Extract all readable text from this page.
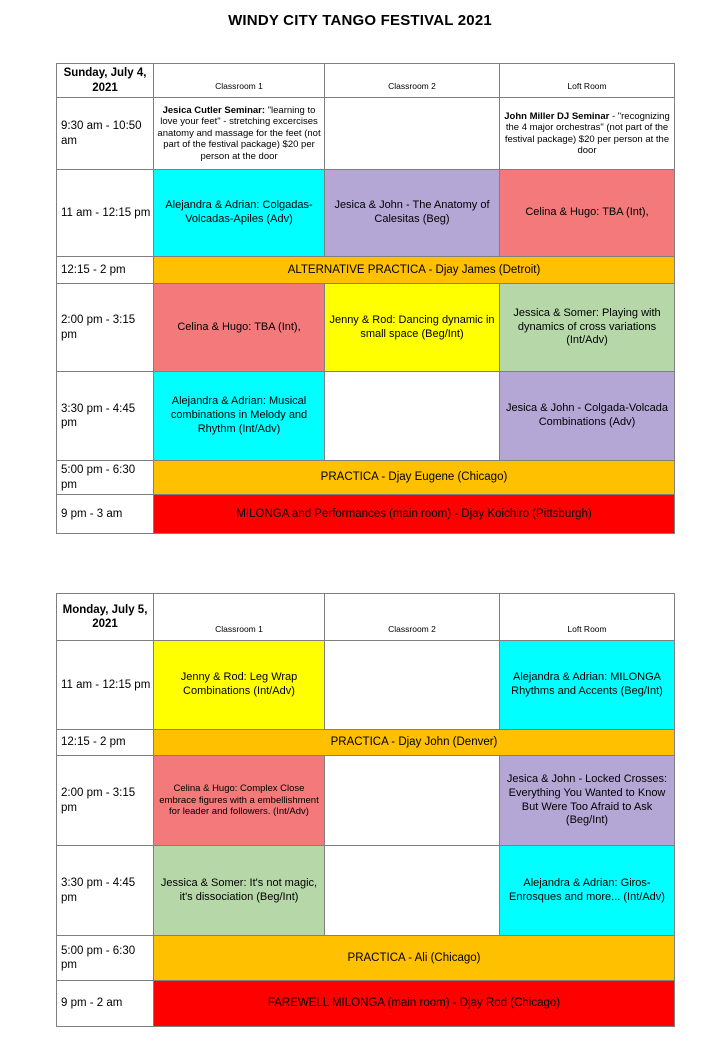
WINDY CITY TANGO FESTIVAL 2021
Sunday, July 4, 2021	Classroom 1	Classroom 2	Loft Room
9:30 am - 10:50 am	Jesica Cutler Seminar: "learning to love your feet" - stretching excercises anatomy and massage for the feet (not part of the festival package) $20 per person at the door		John Miller DJ Seminar - "recognizing the 4 major orchestras" (not part of the festival package) $20 per person at the door
11 am - 12:15 pm	Alejandra & Adrian: Colgadas-Volcadas-Apiles (Adv)	Jesica & John - The Anatomy of Calesitas (Beg)	Celina & Hugo: TBA (Int),
12:15 - 2 pm	ALTERNATIVE PRACTICA - Djay James (Detroit)		
2:00 pm - 3:15 pm	Celina & Hugo: TBA (Int),	Jenny & Rod: Dancing dynamic in small space (Beg/Int)	Jessica & Somer: Playing with dynamics of cross variations (Int/Adv)
3:30 pm - 4:45 pm	Alejandra & Adrian: Musical combinations in Melody and Rhythm (Int/Adv)		Jesica & John - Colgada-Volcada Combinations (Adv)
5:00 pm - 6:30 pm	PRACTICA - Djay Eugene (Chicago)		
9 pm - 3 am	MILONGA and Performances (main room) - Djay Koichiro (Pittsburgh)		
Monday, July 5, 2021	Classroom 1	Classroom 2	Loft Room
11 am - 12:15 pm	Jenny & Rod: Leg Wrap Combinations (Int/Adv)		Alejandra & Adrian: MILONGA Rhythms and Accents (Beg/Int)
12:15 - 2 pm	PRACTICA - Djay John (Denver)		
2:00 pm - 3:15 pm	Celina & Hugo: Complex Close embrace figures with a embellishment for leader and followers. (Int/Adv)		Jesica & John - Locked Crosses: Everything You Wanted to Know But Were Too Afraid to Ask (Beg/Int)
3:30 pm - 4:45 pm	Jessica & Somer: It's not magic, it's dissociation (Beg/Int)		Alejandra & Adrian: Giros-Enrosques and more... (Int/Adv)
5:00 pm - 6:30 pm	PRACTICA - Ali (Chicago)		
9 pm - 2 am	FAREWELL MILONGA (main room) - Djay Rod (Chicago)		
